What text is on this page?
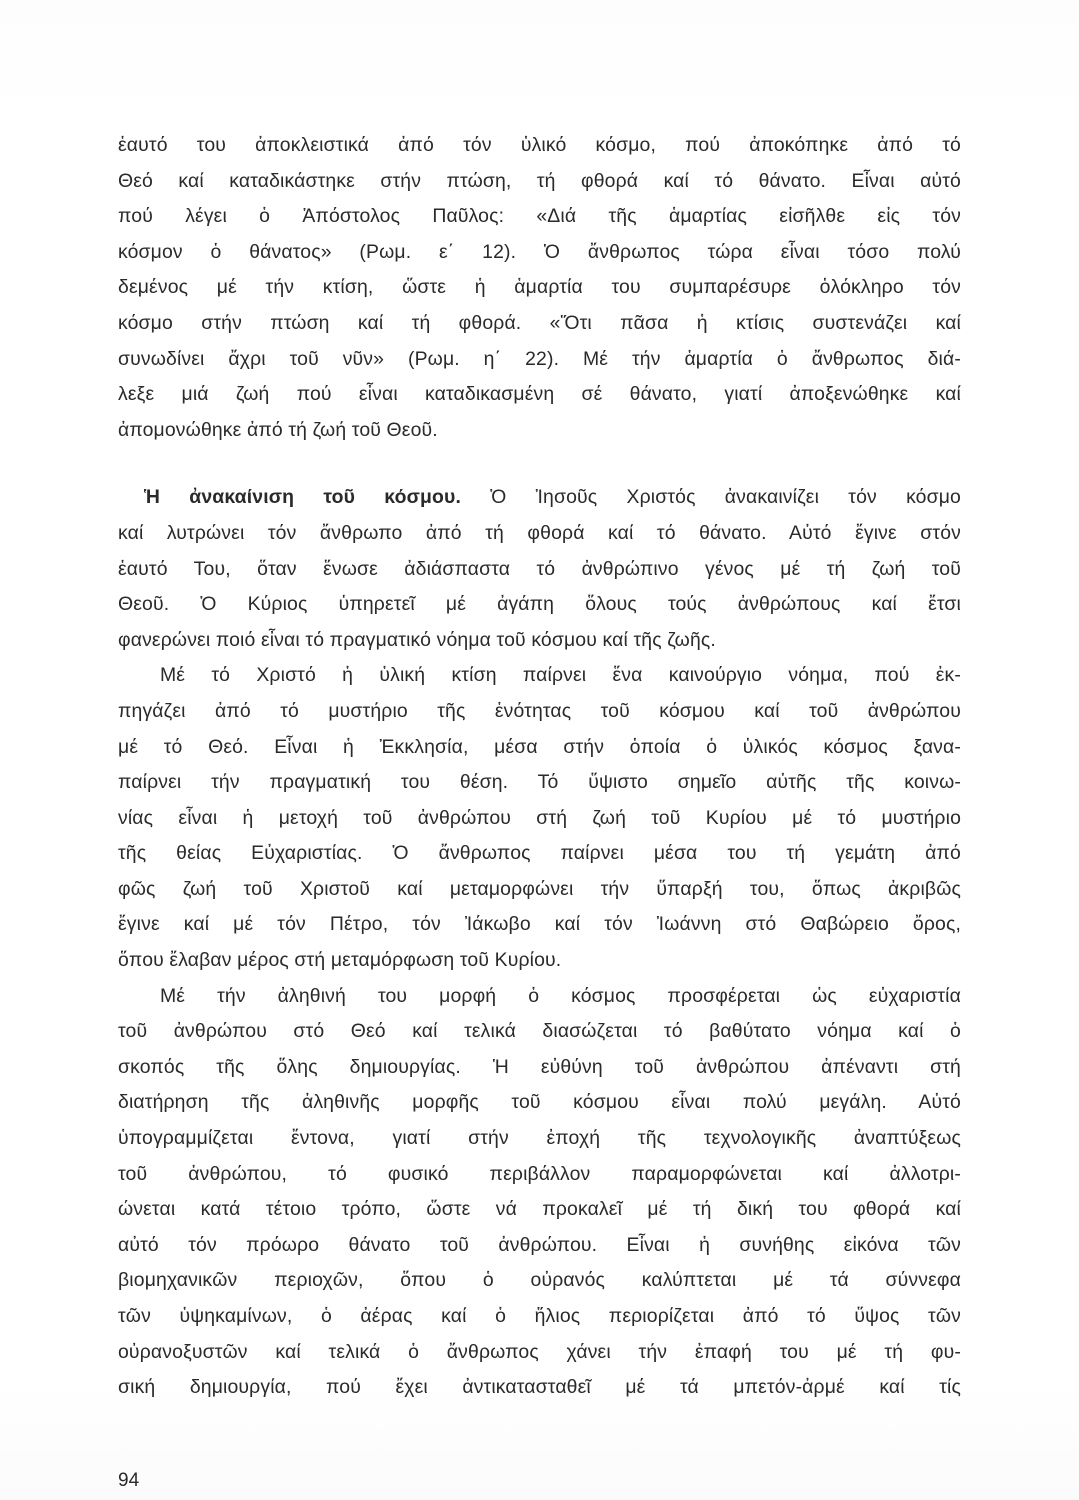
ἑαυτό του ἀποκλειστικά ἀπό τόν ὑλικό κόσμο, πού ἀποκόπηκε ἀπό τό
Θεό καί καταδικάστηκε στήν πτώση, τή φθορά καί τό θάνατο. Εἶναι αὐτό
πού λέγει ὁ Ἀπόστολος Παῦλος: «Διά τῆς ἁμαρτίας εἰσῆλθε εἰς τόν
κόσμον ὁ θάνατος» (Ρωμ. ε΄ 12). Ὁ ἄνθρωπος τώρα εἶναι τόσο πολύ
δεμένος μέ τήν κτίση, ὥστε ἡ ἁμαρτία του συμπαρέσυρε ὁλόκληρο τόν
κόσμο στήν πτώση καί τή φθορά. «Ὅτι πᾶσα ἡ κτίσις συστενάζει καί
συνωδίνει ἄχρι τοῦ νῦν» (Ρωμ. η΄ 22). Μέ τήν ἁμαρτία ὁ ἄνθρωπος διά-
λεξε μιά ζωή πού εἶναι καταδικασμένη σέ θάνατο, γιατί ἀποξενώθηκε καί
ἀπομονώθηκε ἀπό τή ζωή τοῦ Θεοῦ.
Ἡ ἀνακαίνιση τοῦ κόσμου. Ὁ Ἰησοῦς Χριστός ἀνακαινίζει τόν κόσμο
καί λυτρώνει τόν ἄνθρωπο ἀπό τή φθορά καί τό θάνατο. Αὐτό ἔγινε στόν
ἑαυτό Του, ὅταν ἕνωσε ἀδιάσπαστα τό ἀνθρώπινο γένος μέ τή ζωή τοῦ
Θεοῦ. Ὁ Κύριος ὑπηρετεῖ μέ ἀγάπη ὅλους τούς ἀνθρώπους καί ἔτσι
φανερώνει ποιό εἶναι τό πραγματικό νόημα τοῦ κόσμου καί τῆς ζωῆς.
Μέ τό Χριστό ἡ ὑλική κτίση παίρνει ἕνα καινούργιο νόημα, πού ἐκ-
πηγάζει ἀπό τό μυστήριο τῆς ἑνότητας τοῦ κόσμου καί τοῦ ἀνθρώπου
μέ τό Θεό. Εἶναι ἡ Ἐκκλησία, μέσα στήν ὁποία ὁ ὑλικός κόσμος ξανα-
παίρνει τήν πραγματική του θέση. Τό ὕψιστο σημεῖο αὐτῆς τῆς κοινω-
νίας εἶναι ἡ μετοχή τοῦ ἀνθρώπου στή ζωή τοῦ Κυρίου μέ τό μυστήριο
τῆς θείας Εὐχαριστίας. Ὁ ἄνθρωπος παίρνει μέσα του τή γεμάτη ἀπό
φῶς ζωή τοῦ Χριστοῦ καί μεταμορφώνει τήν ὕπαρξή του, ὅπως ἀκριβῶς
ἔγινε καί μέ τόν Πέτρο, τόν Ἰάκωβο καί τόν Ἰωάννη στό Θαβώρειο ὄρος,
ὅπου ἔλαβαν μέρος στή μεταμόρφωση τοῦ Κυρίου.
Μέ τήν ἀληθινή του μορφή ὁ κόσμος προσφέρεται ὡς εὐχαριστία
τοῦ ἀνθρώπου στό Θεό καί τελικά διασώζεται τό βαθύτατο νόημα καί ὁ
σκοπός τῆς ὅλης δημιουργίας. Ἡ εὐθύνη τοῦ ἀνθρώπου ἀπέναντι στή
διατήρηση τῆς ἀληθινῆς μορφῆς τοῦ κόσμου εἶναι πολύ μεγάλη. Αὐτό
ὑπογραμμίζεται ἔντονα, γιατί στήν ἐποχή τῆς τεχνολογικῆς ἀναπτύξεως
τοῦ ἀνθρώπου, τό φυσικό περιβάλλον παραμορφώνεται καί ἀλλοτρι-
ώνεται κατά τέτοιο τρόπο, ὥστε νά προκαλεῖ μέ τή δική του φθορά καί
αὐτό τόν πρόωρο θάνατο τοῦ ἀνθρώπου. Εἶναι ἡ συνήθης εἰκόνα τῶν
βιομηχανικῶν περιοχῶν, ὅπου ὁ οὐρανός καλύπτεται μέ τά σύννεφα
τῶν ὑψηκαμίνων, ὁ ἀέρας καί ὁ ἥλιος περιορίζεται ἀπό τό ὕψος τῶν
οὐρανοξυστῶν καί τελικά ὁ ἄνθρωπος χάνει τήν ἐπαφή του μέ τή φυ-
σική δημιουργία, πού ἔχει ἀντικατασταθεῖ μέ τά μπετόν-ἀρμέ καί τίς
94
